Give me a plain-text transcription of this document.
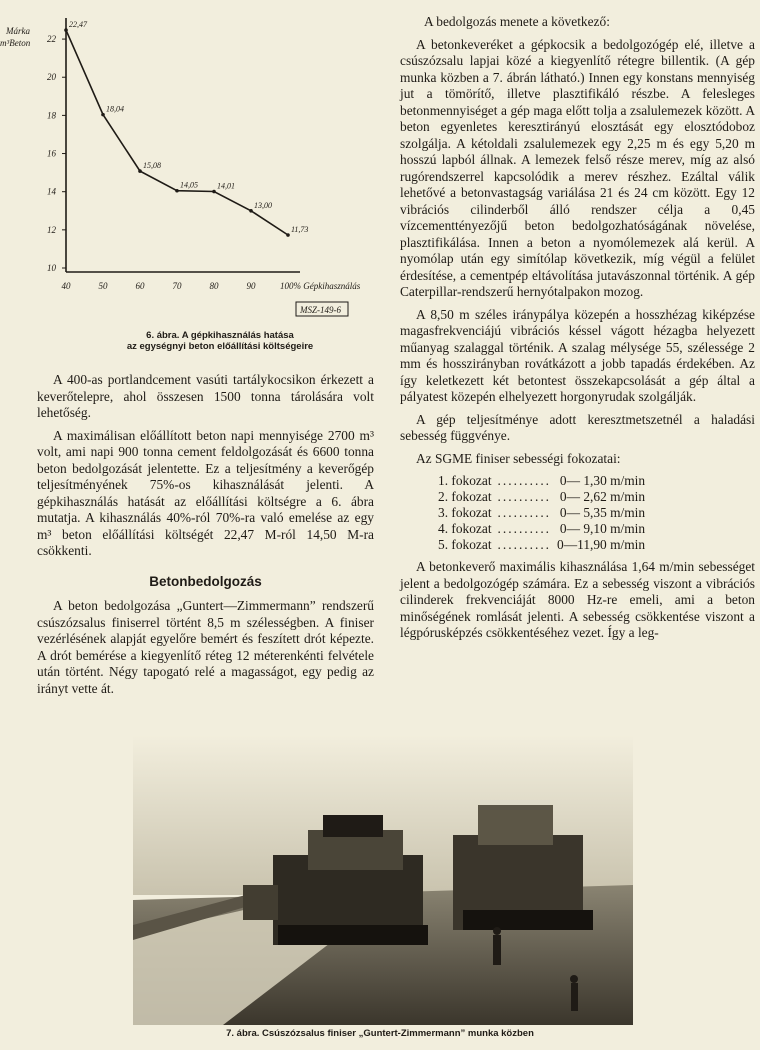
Márka
m³Beton
10
12
14
16
18
20
22
40	50	60	70	80	90
22,47
18,04
15,08
14,05 14,01
13,00
11,73
100% Gépkihasználás
MSZ-149-6
6. ábra. A gépkihasználás hatása
az egységnyi beton előállítási költségeire

A 400-as portlandcement vasúti tartálykocsikon érkezett a keverőtelepre, ahol összesen 1500 tonna tárolására volt lehetőség.

A maximálisan előállított beton napi mennyisége 2700 m³ volt, ami napi 900 tonna cement feldolgozását és 6600 tonna beton bedolgozását jelentette. Ez a teljesítmény a keverőgép teljesítményének 75%-os kihasználását jelenti. A gépkihasználás hatását az előállítási költségre a 6. ábra mutatja. A kihasználás 40%-ról 70%-ra való emelése az egy m³ beton előállítási költségét 22,47 M-ról 14,50 M-ra csökkenti.

Betonbedolgozás

A beton bedolgozása „Guntert—Zimmermann” rendszerű csúszózsalus finiserrel történt 8,5 m szélességben. A finiser vezérlésének alapját egyelőre bemért és feszített drót képezte. A drót bemérése a kiegyenlítő réteg 12 méterenkénti felvétele után történt. Négy tapogató relé a magasságot, egy pedig az irányt vette át.

A bedolgozás menete a következő:

A betonkeveréket a gépkocsik a bedolgozógép elé, illetve a csúszózsalu lapjai közé a kiegyenlítő rétegre billentik. (A gép munka közben a 7. ábrán látható.) Innen egy konstans mennyiség jut a tömörítő, illetve plasztifikáló részbe. A felesleges betonmennyiséget a gép maga előtt tolja a zsalulemezek között. A beton egyenletes keresztirányú elosztását egy elosztódoboz szolgálja. A kétoldali zsalulemezek egy 2,25 m és egy 5,20 m hosszú lapból állnak. A lemezek felső része merev, míg az alsó rugórendszerrel kapcsolódik a merev részhez. Ezáltal válik lehetővé a betonvastagság variálása 21 és 24 cm között. Egy 12 vibrációs cilinderből álló rendszer célja a 0,45 vízcementtényezőjű beton bedolgozhatóságának növelése, plasztifikálása. Innen a beton a nyomólemezek alá kerül. A nyomólap után egy simítólap következik, míg végül a felület érdesítése, a cementpép eltávolítása jutavászonnal történik. A gép Caterpillar-rendszerű hernyótalpakon mozog.

A 8,50 m széles iránypálya közepén a hosszhézag kiképzése magasfrekvenciájú vibrációs késsel vágott hézagba helyezett műanyag szalaggal történik. A szalag mélysége 55, szélessége 2 mm és hosszirányban rovátkázott a jobb tapadás érdekében. Az így keletkezett két betontest összekapcsolását a gép által a pályatest közepén elhelyezett horgonyrudak szolgálják.

A gép teljesítménye adott keresztmetszetnél a haladási sebesség függvénye.

Az SGME finiser sebességi fokozatai:

1. fokozat	..........	0— 1,30 m/min
2. fokozat	..........	0— 2,62 m/min
3. fokozat	..........	0— 5,35 m/min
4. fokozat	..........	0— 9,10 m/min
5. fokozat	..........	0—11,90 m/min

A betonkeverő maximális kihasználása 1,64 m/min sebességet jelent a bedolgozógép számára. Ez a sebesség viszont a vibrációs cilinderek frekvenciáját 8000 Hz-re emeli, ami a beton minőségének romlását jelenti. A sebesség csökkentése viszont a légpórusképzés csökkentéséhez vezet. Így a leg-

7. ábra. Csúszózsalus finiser „Guntert-Zimmermann” munka közben
